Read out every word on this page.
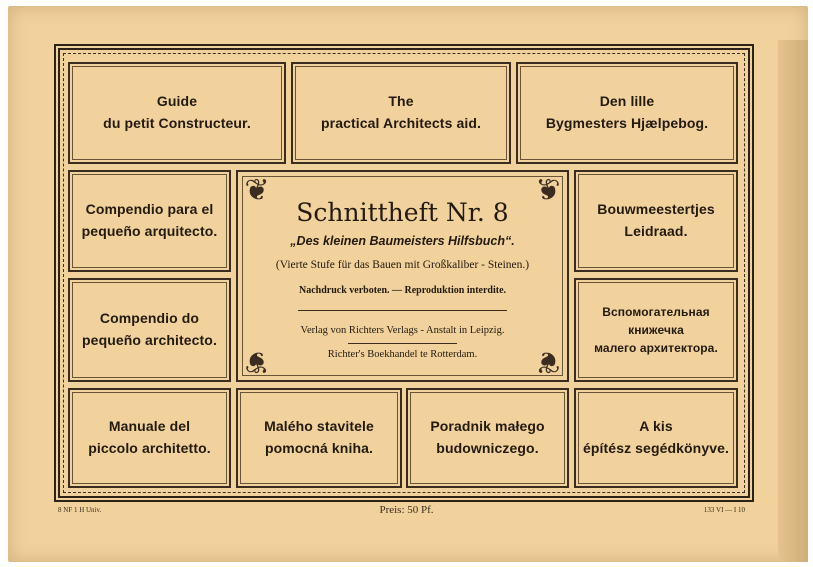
Guide
du petit Constructeur.
The
practical Architects aid.
Den lille
Bygmesters Hjælpebog.
Compendio para el
pequeño arquitecto.
Compendio do
pequeño architecto.
Bouwmeestertjes
Leidraad.
Вспомогательная
книжечка
малего архитектора.
❦	❦
❦	❦
Schnittheft Nr. 8
„Des kleinen Baumeisters Hilfsbuch“.
(Vierte Stufe für das Bauen mit Großkaliber - Steinen.)
Nachdruck verboten. — Reproduktion interdite.
Verlag von Richters Verlags - Anstalt in Leipzig.
Richter's Boekhandel te Rotterdam.
Manuale del
piccolo architetto.
Malého stavitele
pomocná kniha.
Poradnik małego
budowniczego.
A kis
építész segédkönyve.
8 NF 1 H Univ.	Preis: 50 Pf.	133 VI — I 10
